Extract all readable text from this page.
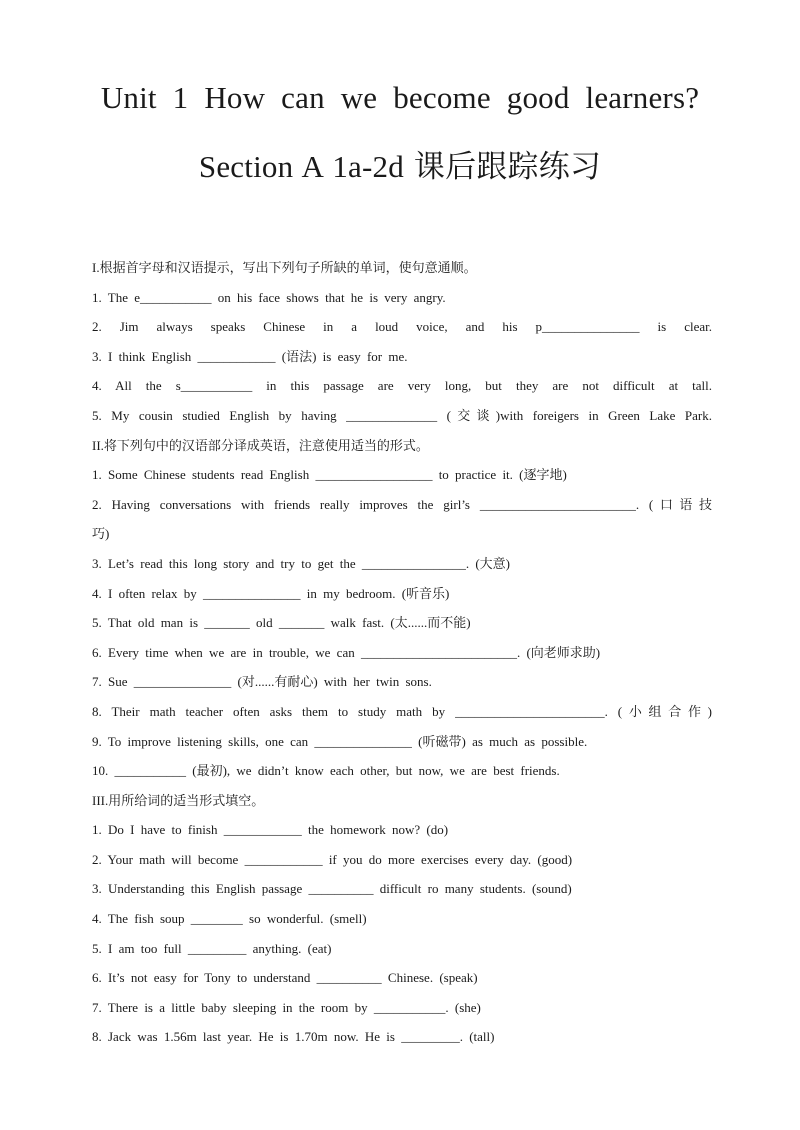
Unit 1 How can we become good learners?
Section A 1a-2d 课后跟踪练习
I.根据首字母和汉语提示，写出下列句子所缺的单词，使句意通顺。
1. The e___________ on his face shows that he is very angry.
2. Jim always speaks Chinese in a loud voice, and his p_______________ is clear.
3. I think English ____________ (语法) is easy for me.
4. All the s___________ in this passage are very long, but they are not difficult at tall.
5. My cousin studied English by having ______________ (交谈)with foreigers in Green Lake Park.
II.将下列句中的汉语部分译成英语，注意使用适当的形式。
1. Some Chinese students read English __________________ to practice it. (逐字地)
2. Having conversations with friends really improves the girl’s ________________________. (口语技
巧)
3. Let’s read this long story and try to get the ________________. (大意)
4. I often relax by _______________ in my bedroom. (听音乐)
5. That old man is _______ old _______ walk fast. (太......而不能)
6. Every time when we are in trouble, we can ________________________. (向老师求助)
7. Sue _______________ (对......有耐心) with her twin sons.
8. Their math teacher often asks them to study math by _______________________. (小组合作)
9. To improve listening skills, one can _______________ (听磁带) as much as possible.
10. ___________ (最初), we didn’t know each other, but now, we are best friends.
III.用所给词的适当形式填空。
1. Do I have to finish ____________ the homework now? (do)
2. Your math will become ____________ if you do more exercises every day. (good)
3. Understanding this English passage __________ difficult ro many students. (sound)
4. The fish soup ________ so wonderful. (smell)
5. I am too full _________ anything. (eat)
6. It’s not easy for Tony to understand __________ Chinese. (speak)
7. There is a little baby sleeping in the room by ___________. (she)
8. Jack was 1.56m last year. He is 1.70m now. He is _________. (tall)
